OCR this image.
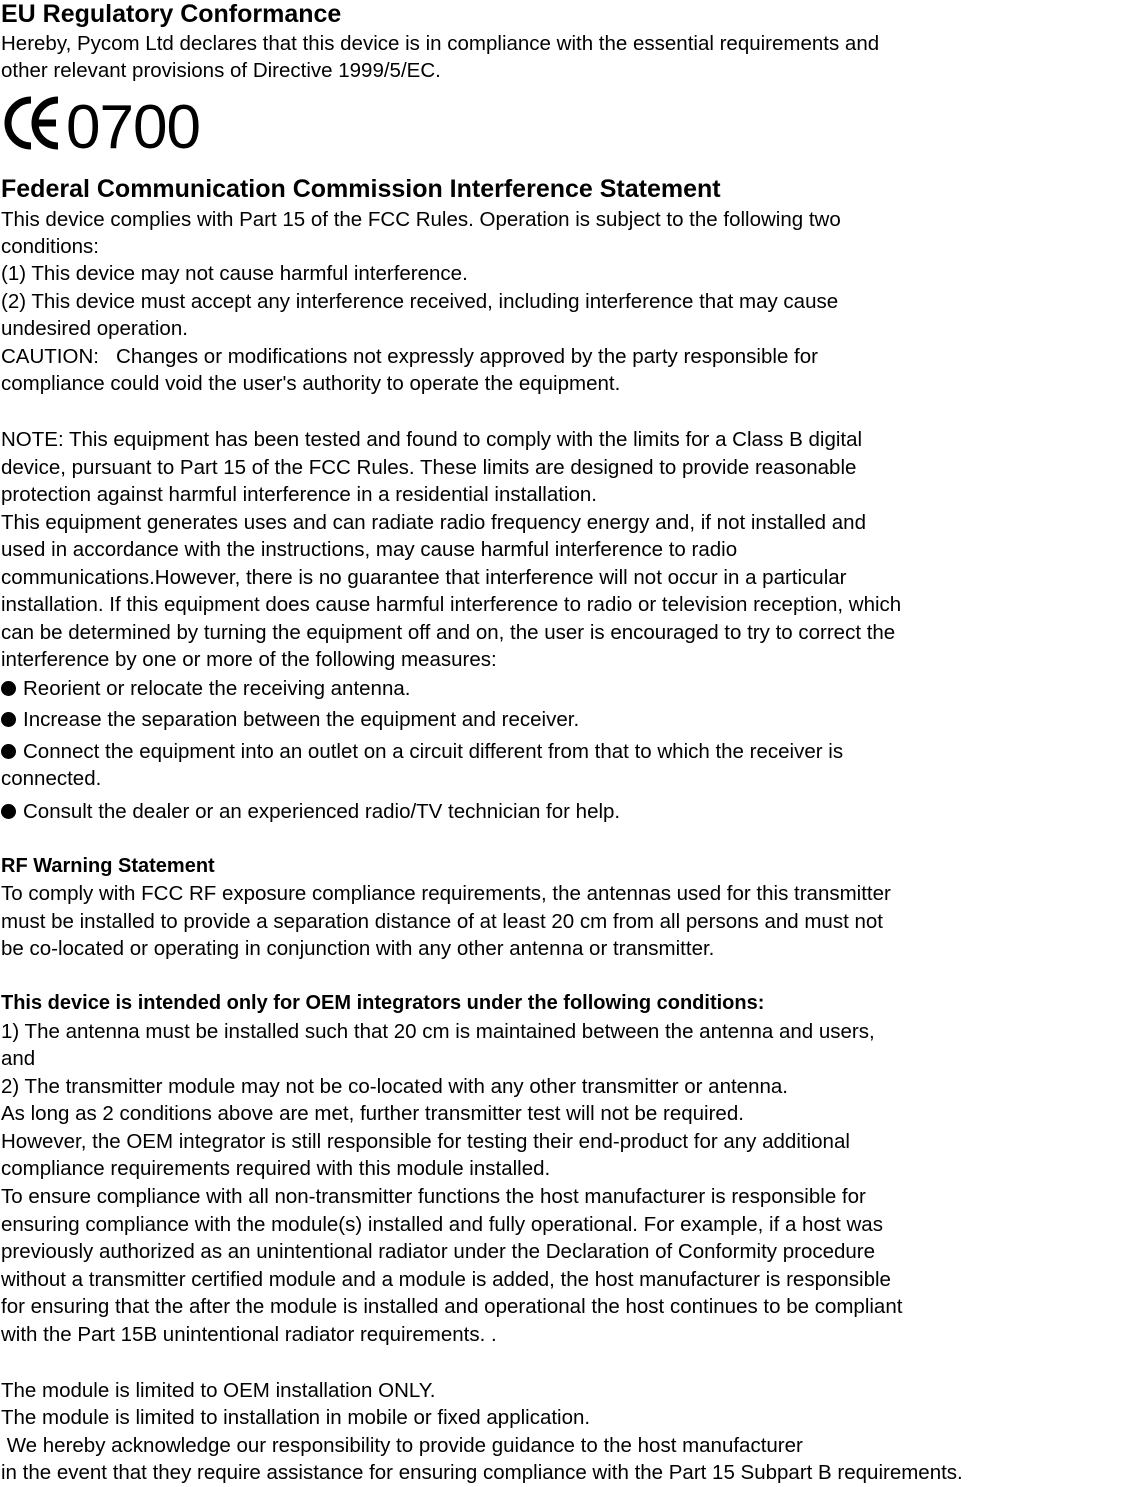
EU Regulatory Conformance
Hereby, Pycom Ltd declares that this device is in compliance with the essential requirements and
other relevant provisions of Directive 1999/5/EC.
0700
Federal Communication Commission Interference Statement
This device complies with Part 15 of the FCC Rules. Operation is subject to the following two
conditions:
(1) This device may not cause harmful interference.
(2) This device must accept any interference received, including interference that may cause
undesired operation.
CAUTION:   Changes or modifications not expressly approved by the party responsible for
compliance could void the user's authority to operate the equipment.
NOTE: This equipment has been tested and found to comply with the limits for a Class B digital
device, pursuant to Part 15 of the FCC Rules. These limits are designed to provide reasonable
protection against harmful interference in a residential installation.
This equipment generates uses and can radiate radio frequency energy and, if not installed and
used in accordance with the instructions, may cause harmful interference to radio
communications.However, there is no guarantee that interference will not occur in a particular
installation. If this equipment does cause harmful interference to radio or television reception, which
can be determined by turning the equipment off and on, the user is encouraged to try to correct the
interference by one or more of the following measures:
Reorient or relocate the receiving antenna.
Increase the separation between the equipment and receiver.
Connect the equipment into an outlet on a circuit different from that to which the receiver is
connected.
Consult the dealer or an experienced radio/TV technician for help.
RF Warning Statement
To comply with FCC RF exposure compliance requirements, the antennas used for this transmitter
must be installed to provide a separation distance of at least 20 cm from all persons and must not
be co-located or operating in conjunction with any other antenna or transmitter.
This device is intended only for OEM integrators under the following conditions:
1) The antenna must be installed such that 20 cm is maintained between the antenna and users,
and
2) The transmitter module may not be co-located with any other transmitter or antenna.
As long as 2 conditions above are met, further transmitter test will not be required.
However, the OEM integrator is still responsible for testing their end-product for any additional
compliance requirements required with this module installed.
To ensure compliance with all non-transmitter functions the host manufacturer is responsible for
ensuring compliance with the module(s) installed and fully operational. For example, if a host was
previously authorized as an unintentional radiator under the Declaration of Conformity procedure
without a transmitter certified module and a module is added, the host manufacturer is responsible
for ensuring that the after the module is installed and operational the host continues to be compliant
with the Part 15B unintentional radiator requirements. .
The module is limited to OEM installation ONLY.
The module is limited to installation in mobile or fixed application.
We hereby acknowledge our responsibility to provide guidance to the host manufacturer
in the event that they require assistance for ensuring compliance with the Part 15 Subpart B requirements.
